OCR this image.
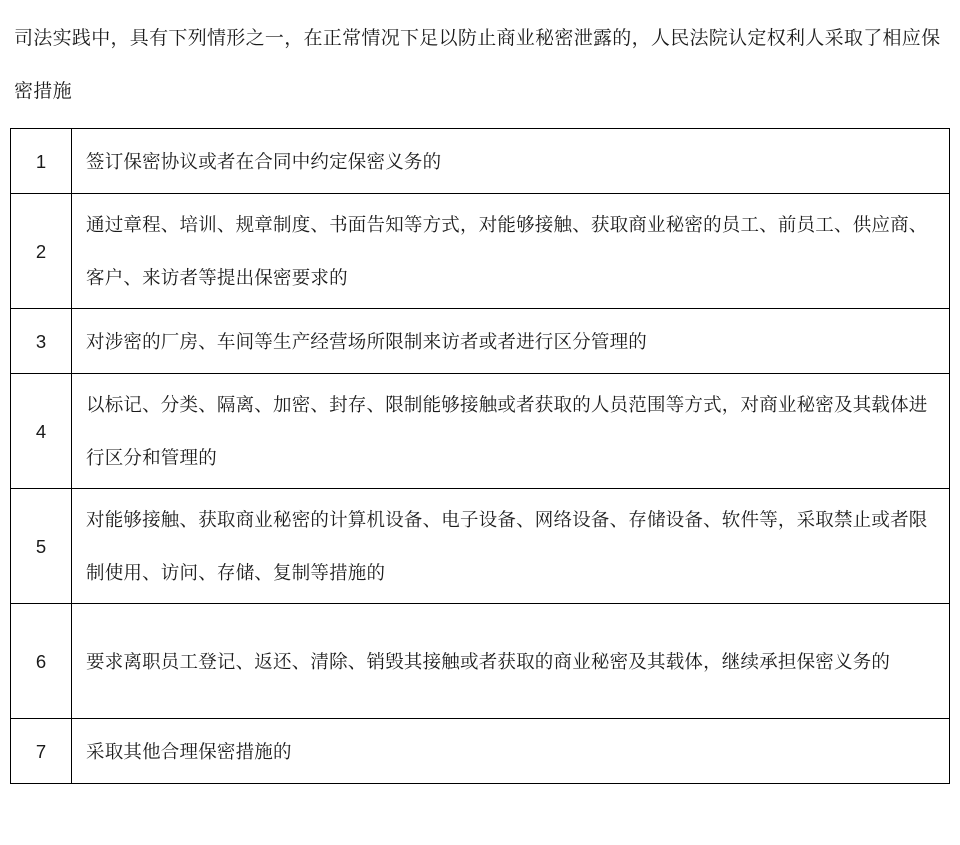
司法实践中，具有下列情形之一，在正常情况下足以防止商业秘密泄露的，人民法院认定权利人采取了相应保密措施
1	签订保密协议或者在合同中约定保密义务的
2	通过章程、培训、规章制度、书面告知等方式，对能够接触、获取商业秘密的员工、前员工、供应商、客户、来访者等提出保密要求的
3	对涉密的厂房、车间等生产经营场所限制来访者或者进行区分管理的
4	以标记、分类、隔离、加密、封存、限制能够接触或者获取的人员范围等方式，对商业秘密及其载体进行区分和管理的
5	对能够接触、获取商业秘密的计算机设备、电子设备、网络设备、存储设备、软件等，采取禁止或者限制使用、访问、存储、复制等措施的
6	要求离职员工登记、返还、清除、销毁其接触或者获取的商业秘密及其载体，继续承担保密义务的
7	采取其他合理保密措施的
